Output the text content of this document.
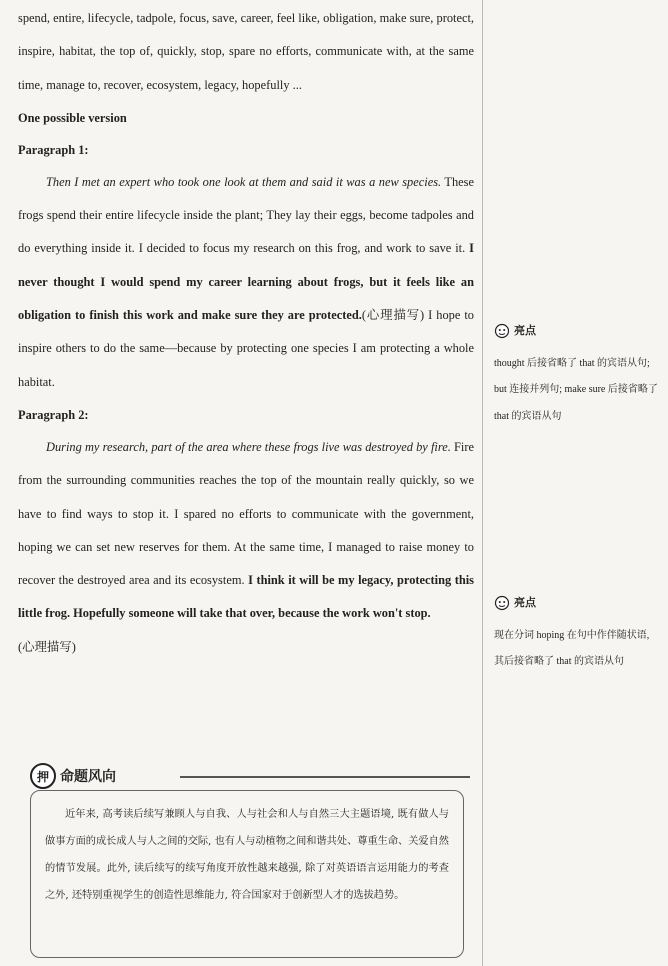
spend, entire, lifecycle, tadpole, focus, save, career, feel like, obligation, make sure, protect, inspire, habitat, the top of, quickly, stop, spare no efforts, communicate with, at the same time, manage to, recover, ecosystem, legacy, hopefully ...

One possible version

Paragraph 1:

Then I met an expert who took one look at them and said it was a new species. These frogs spend their entire lifecycle inside the plant; They lay their eggs, become tadpoles and do everything inside it. I decided to focus my research on this frog, and work to save it. I never thought I would spend my career learning about frogs, but it feels like an obligation to finish this work and make sure they are protected.(心理描写) I hope to inspire others to do the same—because by protecting one species I am protecting a whole habitat.

Paragraph 2:

During my research, part of the area where these frogs live was destroyed by fire. Fire from the surrounding communities reaches the top of the mountain really quickly, so we have to find ways to stop it. I spared no efforts to communicate with the government, hoping we can set new reserves for them. At the same time, I managed to raise money to recover the destroyed area and its ecosystem. I think it will be my legacy, protecting this little frog. Hopefully someone will take that over, because the work won't stop.

(心理描写)

亮点
thought 后接省略了 that 的宾语从句; but 连接并列句; make sure 后接省略了 that 的宾语从句
亮点
现在分词 hoping 在句中作伴随状语, 其后接省略了 that 的宾语从句
押 命题风向
近年来, 高考读后续写兼顾人与自我、人与社会和人与自然三大主题语境, 既有做人与做事方面的成长成人与人之间的交际, 也有人与动植物之间和谐共处、尊重生命、关爱自然的情节发展。此外, 读后续写的续写角度开放性越来越强, 除了对英语语言运用能力的考查之外, 还特别重视学生的创造性思维能力, 符合国家对于创新型人才的选拔趋势。
